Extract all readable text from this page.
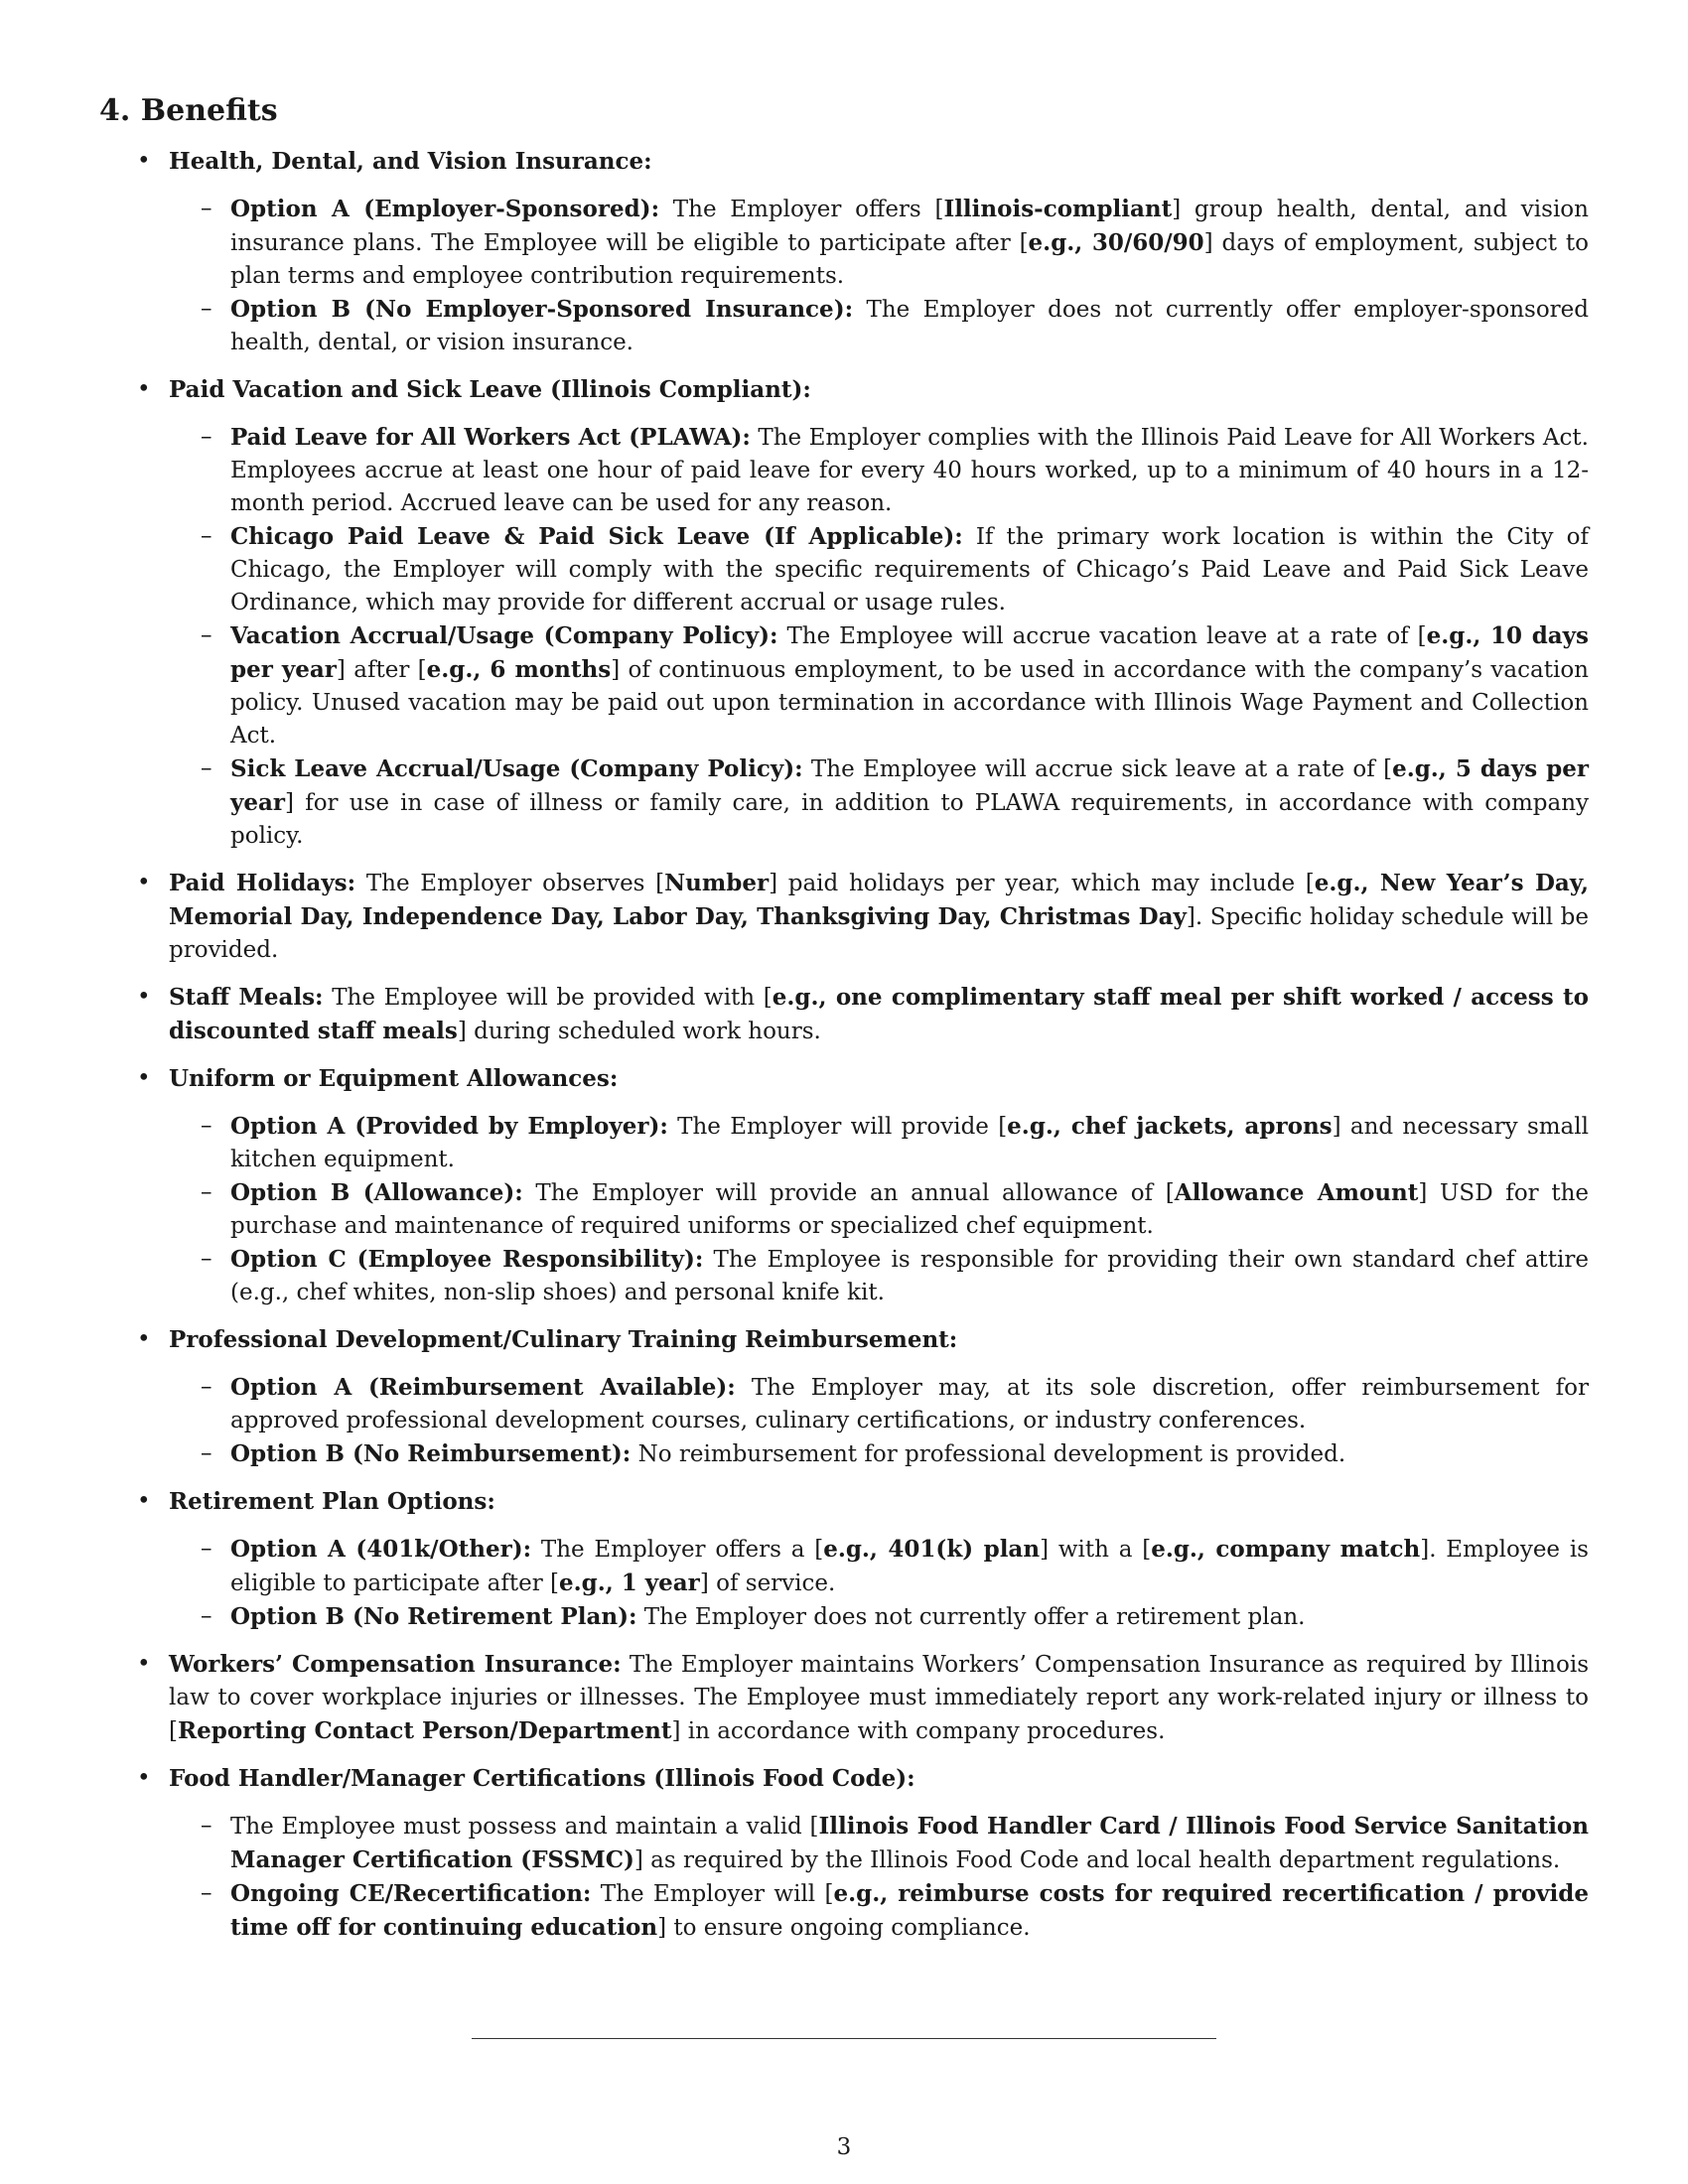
4. Benefits
• Health, Dental, and Vision Insurance:
– Option A (Employer-Sponsored): The Employer offers [Illinois-compliant] group health, dental, and vision insurance plans. The Employee will be eligible to participate after [e.g., 30/60/90] days of employment, subject to plan terms and employee contribution requirements.
– Option B (No Employer-Sponsored Insurance): The Employer does not currently offer employer-sponsored health, dental, or vision insurance.
• Paid Vacation and Sick Leave (Illinois Compliant):
– Paid Leave for All Workers Act (PLAWA): The Employer complies with the Illinois Paid Leave for All Workers Act. Employees accrue at least one hour of paid leave for every 40 hours worked, up to a minimum of 40 hours in a 12-month period. Accrued leave can be used for any reason.
– Chicago Paid Leave & Paid Sick Leave (If Applicable): If the primary work location is within the City of Chicago, the Employer will comply with the specific requirements of Chicago’s Paid Leave and Paid Sick Leave Ordinance, which may provide for different accrual or usage rules.
– Vacation Accrual/Usage (Company Policy): The Employee will accrue vacation leave at a rate of [e.g., 10 days per year] after [e.g., 6 months] of continuous employment, to be used in accordance with the company’s vacation policy. Unused vacation may be paid out upon termination in accordance with Illinois Wage Payment and Collection Act.
– Sick Leave Accrual/Usage (Company Policy): The Employee will accrue sick leave at a rate of [e.g., 5 days per year] for use in case of illness or family care, in addition to PLAWA requirements, in accordance with company policy.
• Paid Holidays: The Employer observes [Number] paid holidays per year, which may include [e.g., New Year’s Day, Memorial Day, Independence Day, Labor Day, Thanksgiving Day, Christmas Day]. Specific holiday schedule will be provided.
• Staff Meals: The Employee will be provided with [e.g., one complimentary staff meal per shift worked / access to discounted staff meals] during scheduled work hours.
• Uniform or Equipment Allowances:
– Option A (Provided by Employer): The Employer will provide [e.g., chef jackets, aprons] and necessary small kitchen equipment.
– Option B (Allowance): The Employer will provide an annual allowance of [Allowance Amount] USD for the purchase and maintenance of required uniforms or specialized chef equipment.
– Option C (Employee Responsibility): The Employee is responsible for providing their own standard chef attire (e.g., chef whites, non-slip shoes) and personal knife kit.
• Professional Development/Culinary Training Reimbursement:
– Option A (Reimbursement Available): The Employer may, at its sole discretion, offer reimbursement for approved professional development courses, culinary certifications, or industry conferences.
– Option B (No Reimbursement): No reimbursement for professional development is provided.
• Retirement Plan Options:
– Option A (401k/Other): The Employer offers a [e.g., 401(k) plan] with a [e.g., company match]. Employee is eligible to participate after [e.g., 1 year] of service.
– Option B (No Retirement Plan): The Employer does not currently offer a retirement plan.
• Workers’ Compensation Insurance: The Employer maintains Workers’ Compensation Insurance as required by Illinois law to cover workplace injuries or illnesses. The Employee must immediately report any work-related injury or illness to [Reporting Contact Person/Department] in accordance with company procedures.
• Food Handler/Manager Certifications (Illinois Food Code):
– The Employee must possess and maintain a valid [Illinois Food Handler Card / Illinois Food Service Sanitation Manager Certification (FSSMC)] as required by the Illinois Food Code and local health department regulations.
– Ongoing CE/Recertification: The Employer will [e.g., reimburse costs for required recertification / provide time off for continuing education] to ensure ongoing compliance.
3
